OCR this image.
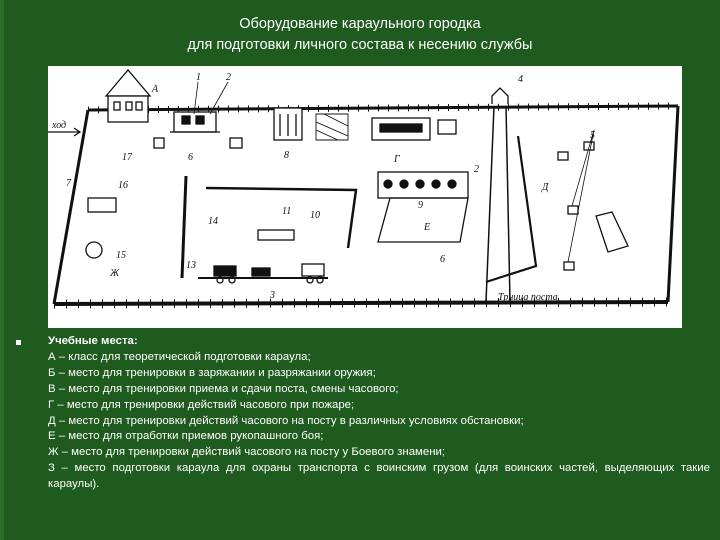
Оборудование караульного городка
для подготовки личного состава к несению службы
ход
А
1	2
6
17	8	Г
9
Е
4
Трница поста
5
Д
16
15
Ж
14
13
11 10
3
2
6
7
Учебные места:
А – класс для теоретической подготовки караула;
Б – место для тренировки в заряжании и разряжании оружия;
В – место для тренировки приема и сдачи поста, смены часового;
Г – место для тренировки действий часового при пожаре;
Д – место для тренировки действий часового на посту в различных условиях обстановки;
Е – место для отработки приемов рукопашного боя;
Ж – место для тренировки действий часового на посту у Боевого знамени;
З – место подготовки караула для охраны транспорта с воинским грузом (для воинских частей, выделяющих такие караулы).
